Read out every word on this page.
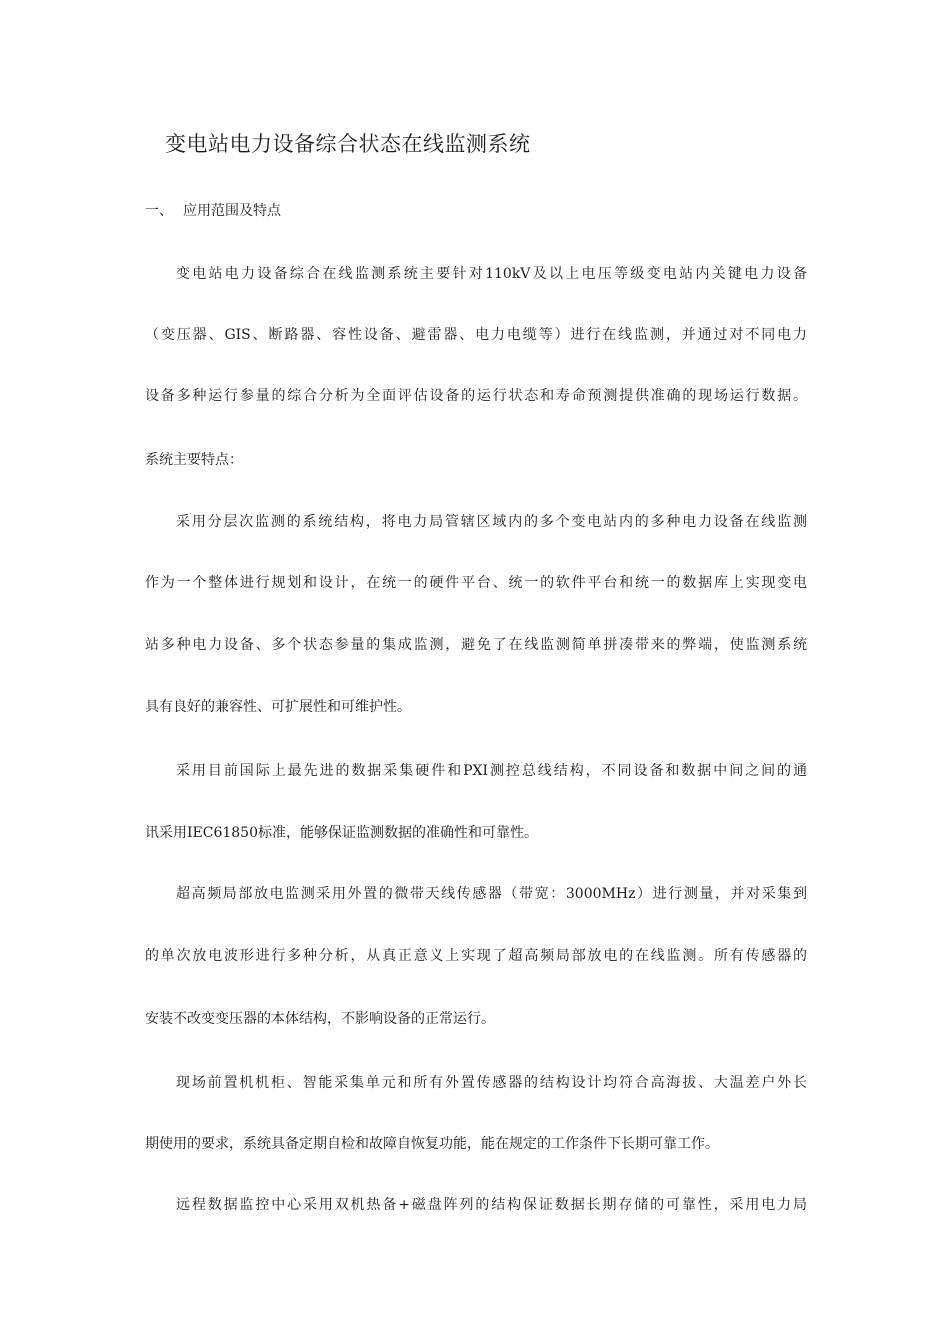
变电站电力设备综合状态在线监测系统
一、 应用范围及特点

变电站电力设备综合在线监测系统主要针对110kV及以上电压等级变电站内关键电力设备

（变压器、GIS、断路器、容性设备、避雷器、电力电缆等）进行在线监测，并通过对不同电力

设备多种运行参量的综合分析为全面评估设备的运行状态和寿命预测提供准确的现场运行数据。

系统主要特点：

采用分层次监测的系统结构，将电力局管辖区域内的多个变电站内的多种电力设备在线监测

作为一个整体进行规划和设计，在统一的硬件平台、统一的软件平台和统一的数据库上实现变电

站多种电力设备、多个状态参量的集成监测，避免了在线监测简单拼凑带来的弊端，使监测系统

具有良好的兼容性、可扩展性和可维护性。

采用目前国际上最先进的数据采集硬件和PXI测控总线结构，不同设备和数据中间之间的通

讯采用IEC61850标准，能够保证监测数据的准确性和可靠性。

超高频局部放电监测采用外置的微带天线传感器（带宽：3000MHz）进行测量，并对采集到

的单次放电波形进行多种分析，从真正意义上实现了超高频局部放电的在线监测。所有传感器的

安装不改变变压器的本体结构，不影响设备的正常运行。

现场前置机机柜、智能采集单元和所有外置传感器的结构设计均符合高海拔、大温差户外长

期使用的要求，系统具备定期自检和故障自恢复功能，能在规定的工作条件下长期可靠工作。

远程数据监控中心采用双机热备+磁盘阵列的结构保证数据长期存储的可靠性，采用电力局
